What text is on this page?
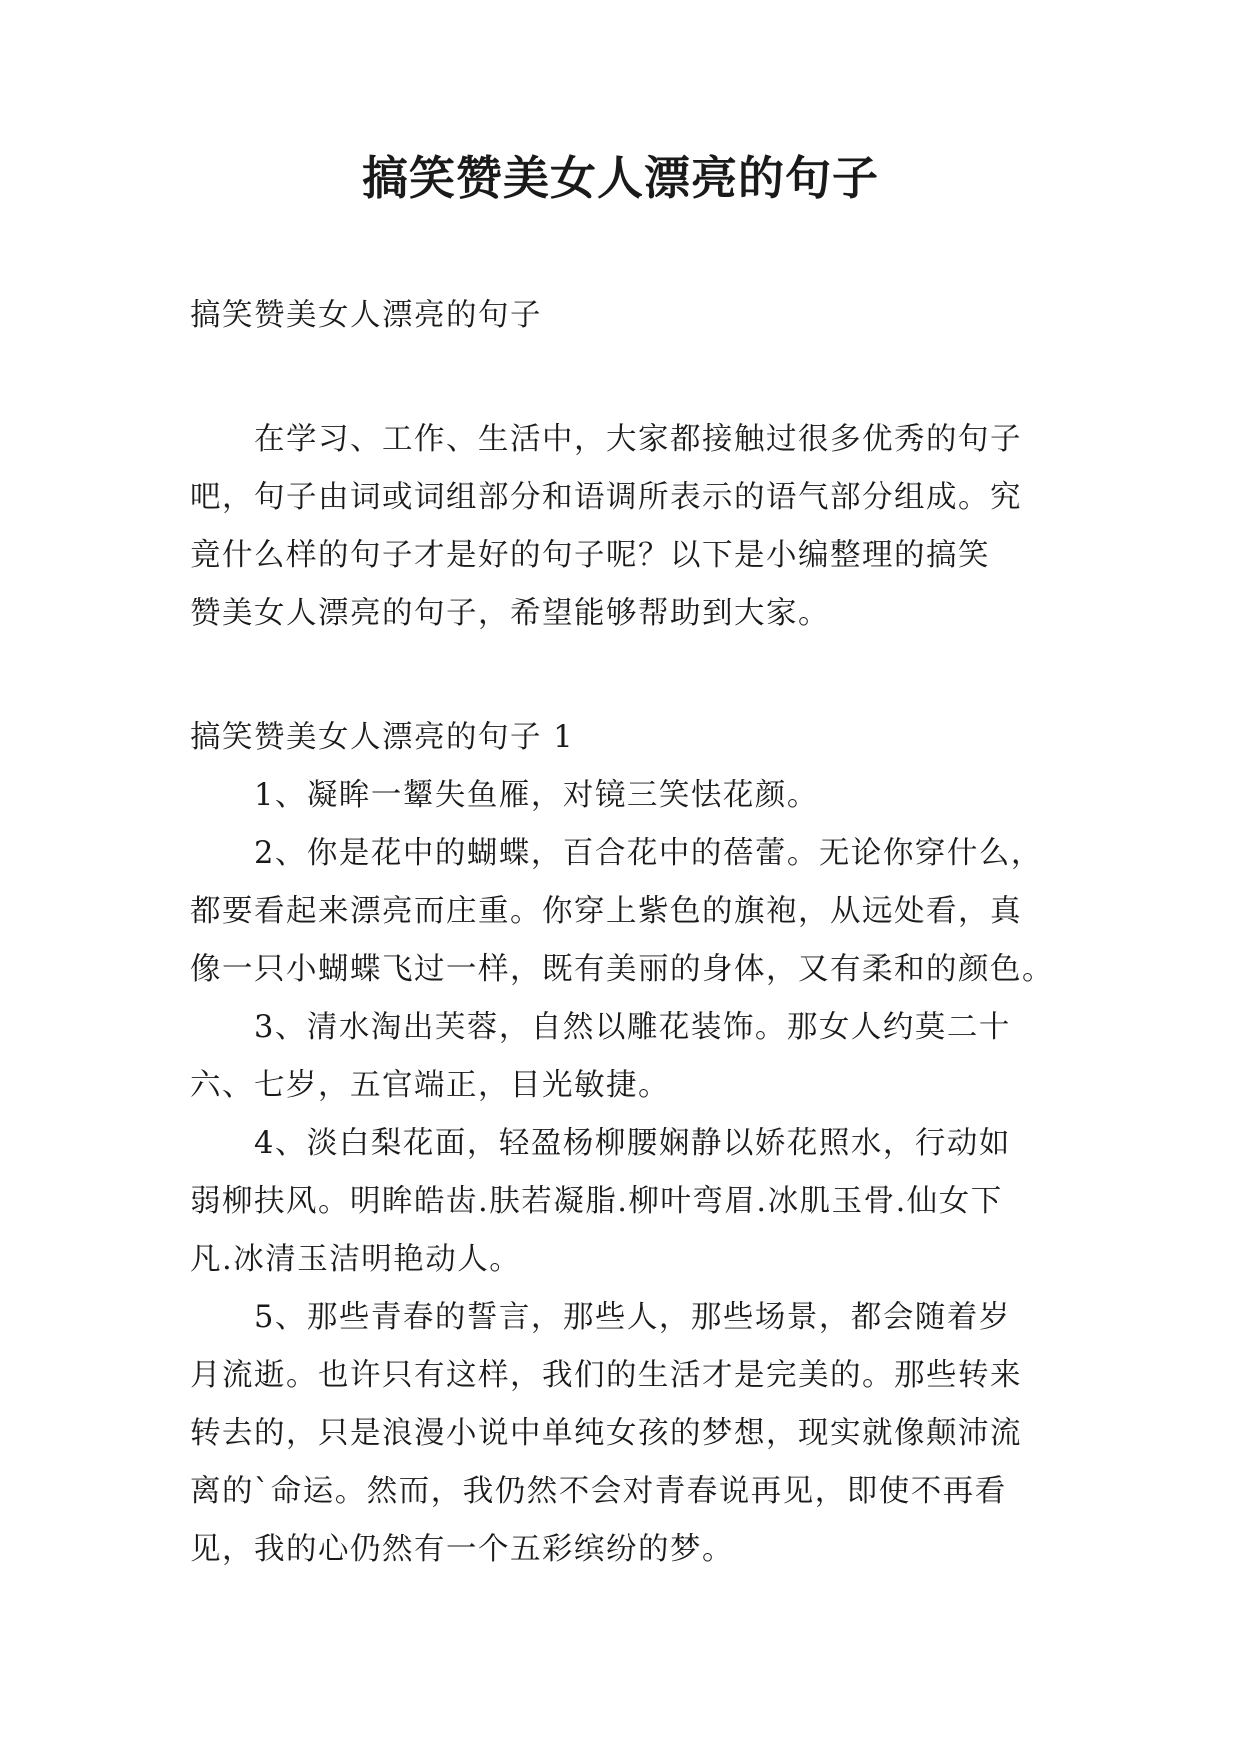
搞笑赞美女人漂亮的句子
搞笑赞美女人漂亮的句子
在学习、工作、生活中，大家都接触过很多优秀的句子
吧，句子由词或词组部分和语调所表示的语气部分组成。究
竟什么样的句子才是好的句子呢？以下是小编整理的搞笑
赞美女人漂亮的句子，希望能够帮助到大家。
搞笑赞美女人漂亮的句子 1
1、凝眸一颦失鱼雁，对镜三笑怯花颜。
2、你是花中的蝴蝶，百合花中的蓓蕾。无论你穿什么，
都要看起来漂亮而庄重。你穿上紫色的旗袍，从远处看，真
像一只小蝴蝶飞过一样，既有美丽的身体，又有柔和的颜色。
3、清水淘出芙蓉，自然以雕花装饰。那女人约莫二十
六、七岁，五官端正，目光敏捷。
4、淡白梨花面，轻盈杨柳腰娴静以娇花照水，行动如
弱柳扶风。明眸皓齿.肤若凝脂.柳叶弯眉.冰肌玉骨.仙女下
凡.冰清玉洁明艳动人。
5、那些青春的誓言，那些人，那些场景，都会随着岁
月流逝。也许只有这样，我们的生活才是完美的。那些转来
转去的，只是浪漫小说中单纯女孩的梦想，现实就像颠沛流
离的`命运。然而，我仍然不会对青春说再见，即使不再看
见，我的心仍然有一个五彩缤纷的梦。
